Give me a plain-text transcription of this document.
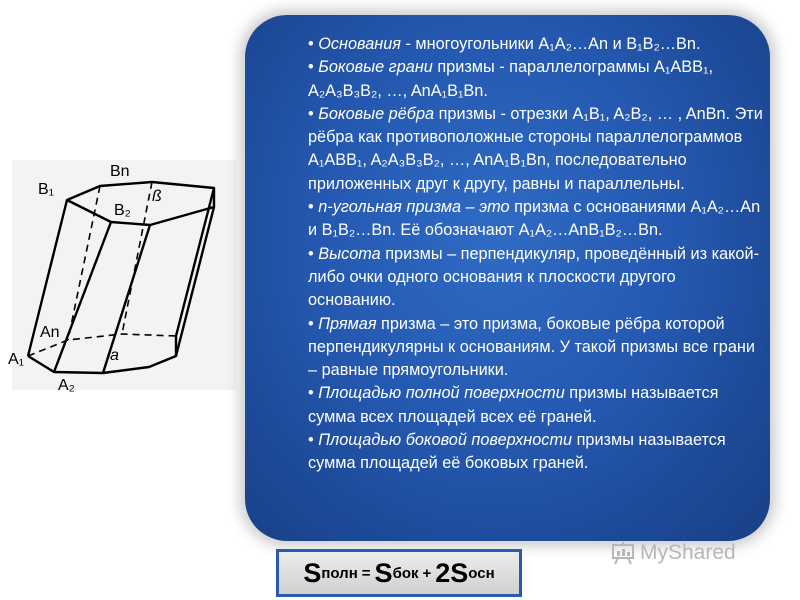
Bn
B₁
B₂
ß
An
A₁
A₂
a

• Основания - многоугольники A₁A₂…An и B₁B₂…Bn.

• Боковые грани призмы - параллелограммы A₁ABB₁, A₂A₃B₃B₂, …, AnA₁B₁Bn.

• Боковые рёбра призмы - отрезки A₁B₁, A₂B₂, … , AnBn. Эти рёбра как противоположные стороны параллелограммов A₁ABB₁, A₂A₃B₃B₂, …, AnA₁B₁Bn, последовательно приложенных друг к другу, равны и параллельны.

• n-угольная призма – это призма с основаниями A₁A₂…An и B₁B₂…Bn. Её обозначают A₁A₂…AnB₁B₂…Bn.

• Высота призмы – перпендикуляр, проведённый из какой-либо очки одного основания к плоскости другого основанию.

• Прямая призма – это призма, боковые рёбра которой перпендикулярны к основаниям. У такой призмы все грани – равные прямоугольники.

• Площадью полной поверхности призмы называется сумма всех площадей всех её граней.

• Площадью боковой поверхности призмы называется сумма площадей её боковых граней.

MyShared
S полн = S бок + 2S осн
